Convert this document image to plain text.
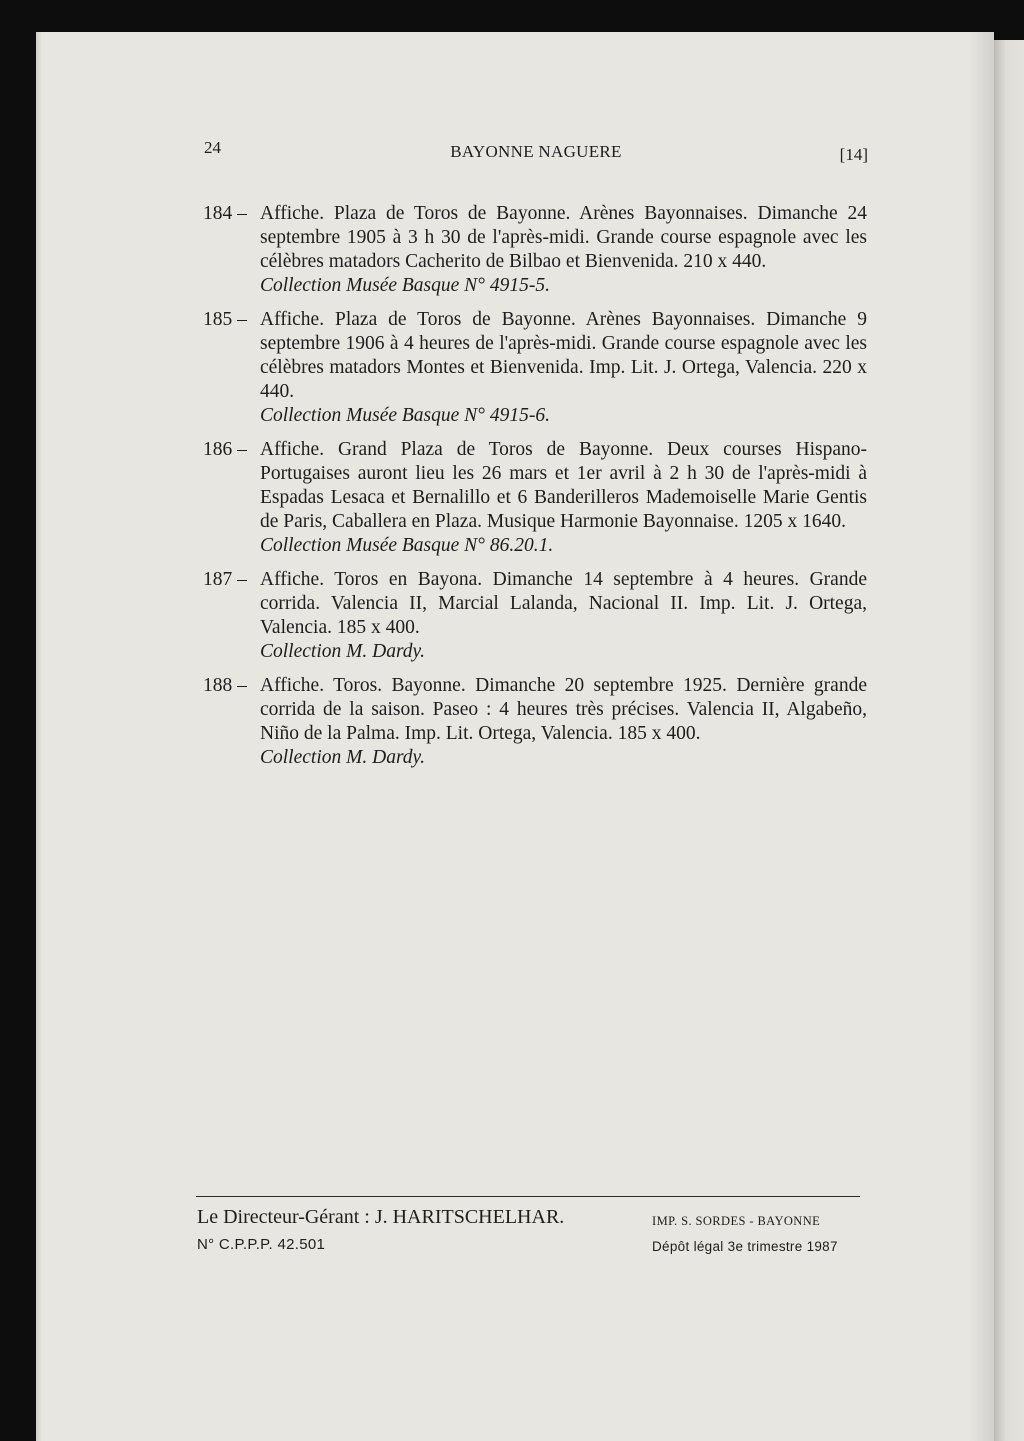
24	BAYONNE NAGUERE	[14]
184 – Affiche. Plaza de Toros de Bayonne. Arènes Bayonnaises. Dimanche 24 septembre 1905 à 3 h 30 de l'après-midi. Grande course espagnole avec les célèbres matadors Cacherito de Bilbao et Bienvenida. 210 x 440.
Collection Musée Basque N° 4915-5.
185 – Affiche. Plaza de Toros de Bayonne. Arènes Bayonnaises. Dimanche 9 septembre 1906 à 4 heures de l'après-midi. Grande course espagnole avec les célèbres matadors Montes et Bienvenida. Imp. Lit. J. Ortega, Valencia. 220 x 440.
Collection Musée Basque N° 4915-6.
186 – Affiche. Grand Plaza de Toros de Bayonne. Deux courses Hispano-Portugaises auront lieu les 26 mars et 1er avril à 2 h 30 de l'après-midi à Espadas Lesaca et Bernalillo et 6 Banderilleros Mademoiselle Marie Gentis de Paris, Caballera en Plaza. Musique Harmonie Bayonnaise. 1205 x 1640.
Collection Musée Basque N° 86.20.1.
187 – Affiche. Toros en Bayona. Dimanche 14 septembre à 4 heures. Grande corrida. Valencia II, Marcial Lalanda, Nacional II. Imp. Lit. J. Ortega, Valencia. 185 x 400.
Collection M. Dardy.
188 – Affiche. Toros. Bayonne. Dimanche 20 septembre 1925. Dernière grande corrida de la saison. Paseo : 4 heures très précises. Valencia II, Algabeño, Niño de la Palma. Imp. Lit. Ortega, Valencia. 185 x 400.
Collection M. Dardy.
Le Directeur-Gérant : J. HARITSCHELHAR.	IMP. S. SORDES - BAYONNE
N° C.P.P.P. 42.501	Dépôt légal 3e trimestre 1987
